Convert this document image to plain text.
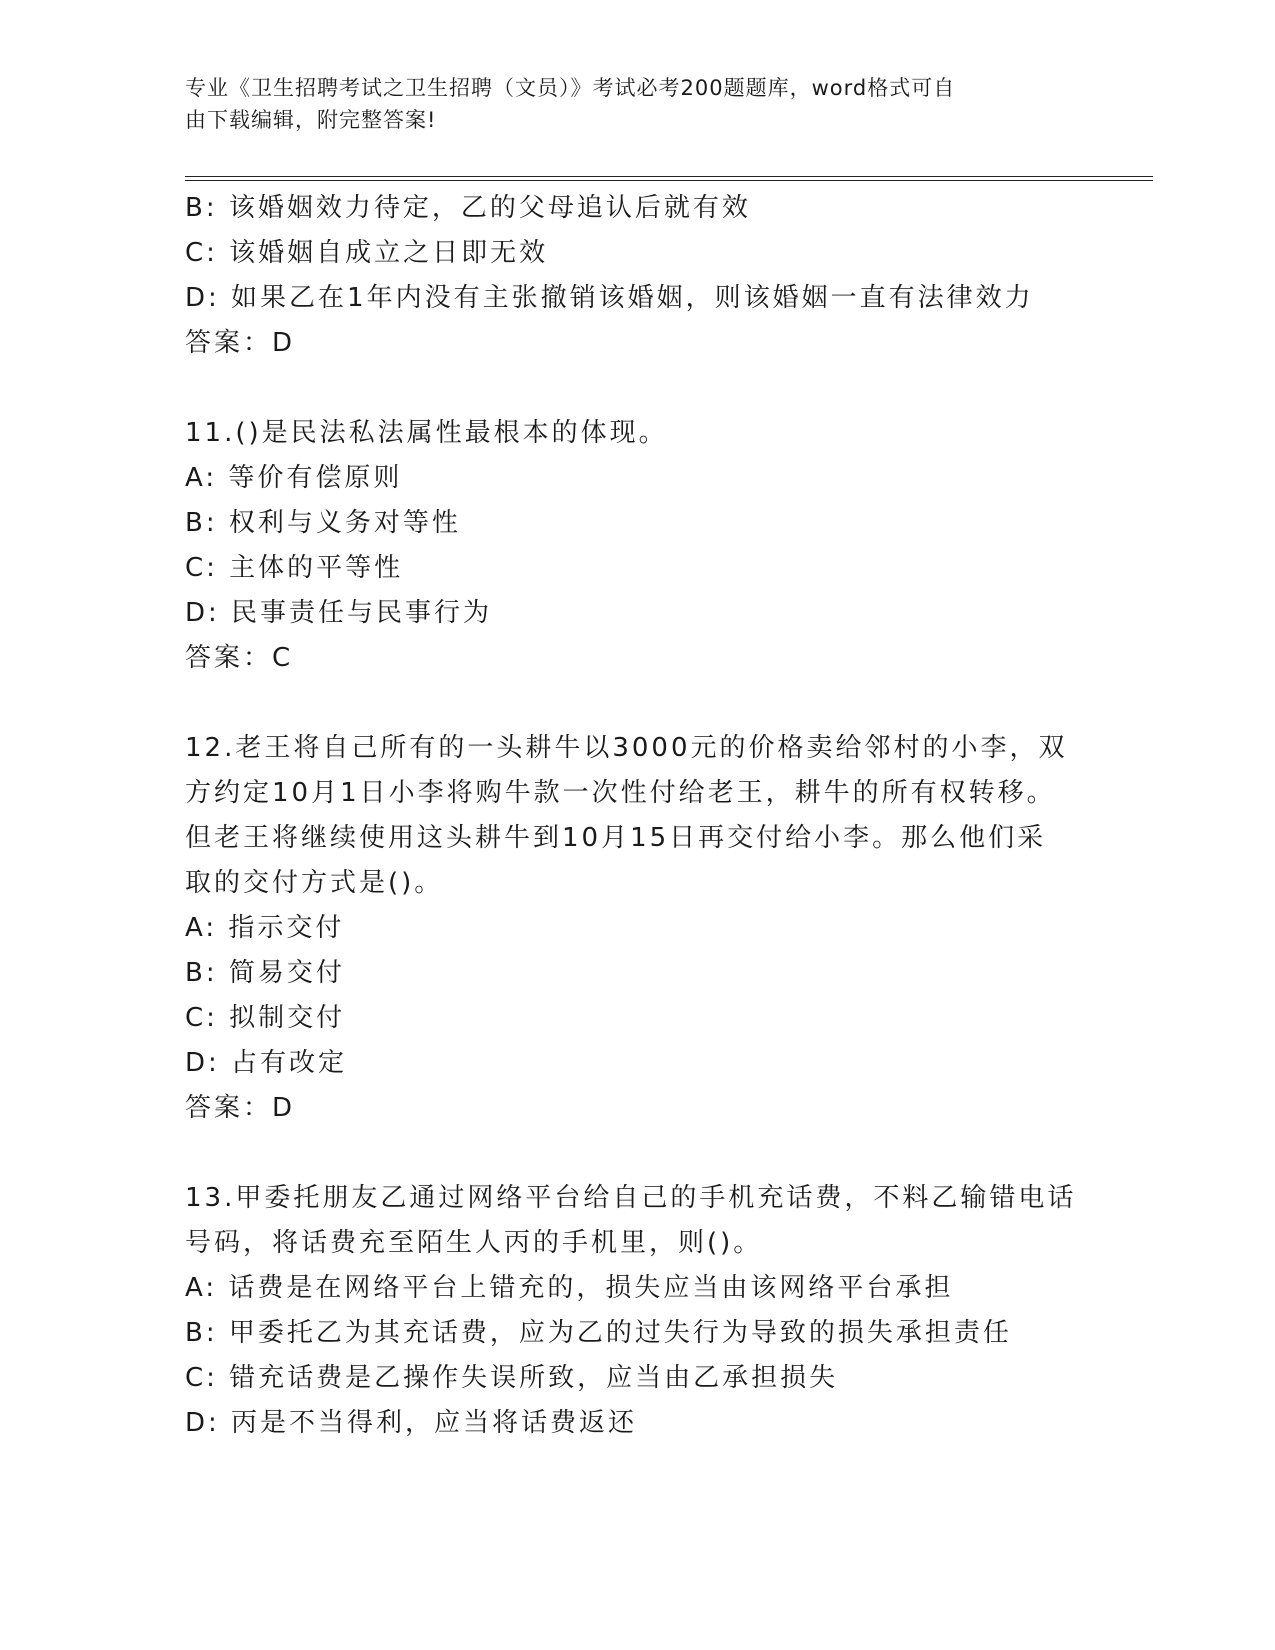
专业《卫生招聘考试之卫生招聘（文员）》考试必考200题题库，word格式可自
由下载编辑，附完整答案!
B: 该婚姻效力待定，乙的父母追认后就有效
C: 该婚姻自成立之日即无效
D: 如果乙在1年内没有主张撤销该婚姻，则该婚姻一直有法律效力
答案：D
11.()是民法私法属性最根本的体现。
A: 等价有偿原则
B: 权利与义务对等性
C: 主体的平等性
D: 民事责任与民事行为
答案：C
12.老王将自己所有的一头耕牛以3000元的价格卖给邻村的小李，双
方约定10月1日小李将购牛款一次性付给老王，耕牛的所有权转移。
但老王将继续使用这头耕牛到10月15日再交付给小李。那么他们采
取的交付方式是()。
A: 指示交付
B: 简易交付
C: 拟制交付
D: 占有改定
答案：D
13.甲委托朋友乙通过网络平台给自己的手机充话费，不料乙输错电话
号码，将话费充至陌生人丙的手机里，则()。
A: 话费是在网络平台上错充的，损失应当由该网络平台承担
B: 甲委托乙为其充话费，应为乙的过失行为导致的损失承担责任
C: 错充话费是乙操作失误所致，应当由乙承担损失
D: 丙是不当得利，应当将话费返还
